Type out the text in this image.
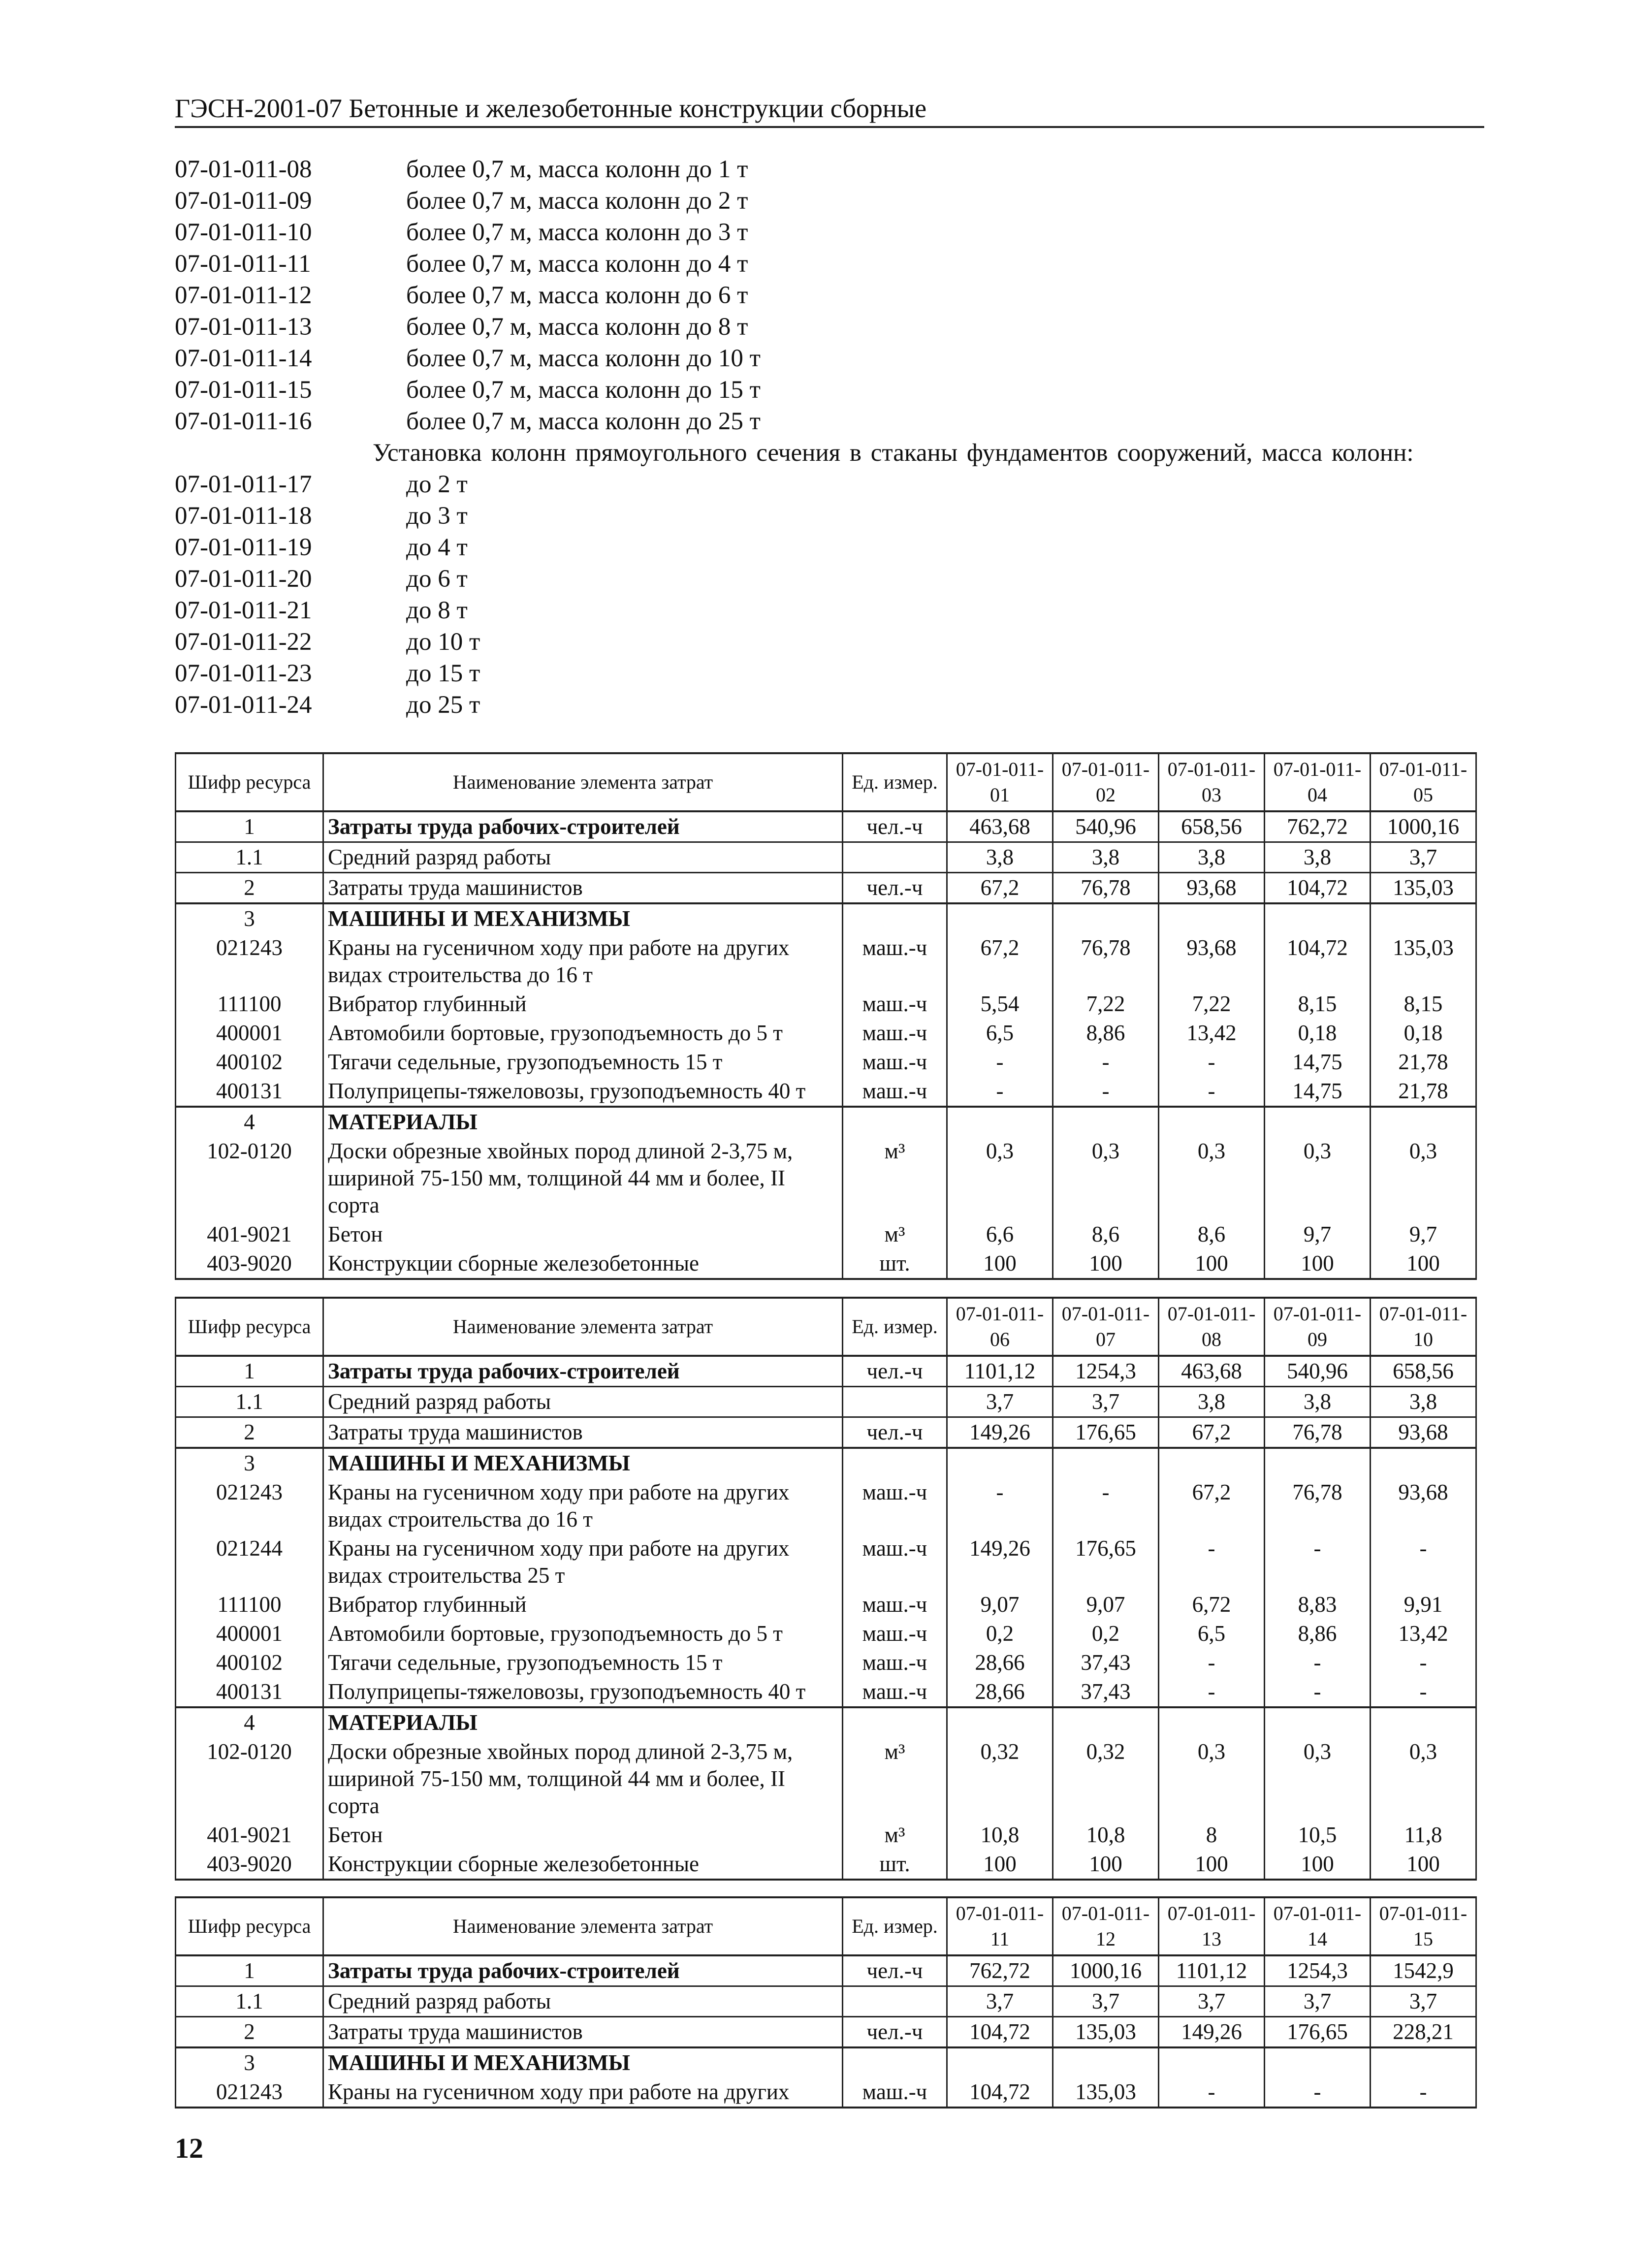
ГЭСН-2001-07 Бетонные и железобетонные конструкции сборные
07-01-011-08	более 0,7 м, масса колонн до 1 т
07-01-011-09	более 0,7 м, масса колонн до 2 т
07-01-011-10	более 0,7 м, масса колонн до 3 т
07-01-011-11	более 0,7 м, масса колонн до 4 т
07-01-011-12	более 0,7 м, масса колонн до 6 т
07-01-011-13	более 0,7 м, масса колонн до 8 т
07-01-011-14	более 0,7 м, масса колонн до 10 т
07-01-011-15	более 0,7 м, масса колонн до 15 т
07-01-011-16	более 0,7 м, масса колонн до 25 т
Установка колонн прямоугольного сечения в стаканы фундаментов сооружений, масса колонн:
07-01-011-17	до 2 т
07-01-011-18	до 3 т
07-01-011-19	до 4 т
07-01-011-20	до 6 т
07-01-011-21	до 8 т
07-01-011-22	до 10 т
07-01-011-23	до 15 т
07-01-011-24	до 25 т
Шифр ресурса	Наименование элемента затрат	Ед. измер.	07-01-011-01	07-01-011-02	07-01-011-03	07-01-011-04	07-01-011-05
1	Затраты труда рабочих-строителей	чел.-ч	463,68	540,96	658,56	762,72	1000,16
1.1	Средний разряд работы		3,8	3,8	3,8	3,8	3,7
2	Затраты труда машинистов	чел.-ч	67,2	76,78	93,68	104,72	135,03
3	МАШИНЫ И МЕХАНИЗМЫ						
021243	Краны на гусеничном ходу при работе на других видах строительства до 16 т	маш.-ч	67,2	76,78	93,68	104,72	135,03
111100	Вибратор глубинный	маш.-ч	5,54	7,22	7,22	8,15	8,15
400001	Автомобили бортовые, грузоподъемность до 5 т	маш.-ч	6,5	8,86	13,42	0,18	0,18
400102	Тягачи седельные, грузоподъемность 15 т	маш.-ч	-	-	-	14,75	21,78
400131	Полуприцепы-тяжеловозы, грузоподъемность 40 т	маш.-ч	-	-	-	14,75	21,78
4	МАТЕРИАЛЫ						
102-0120	Доски обрезные хвойных пород длиной 2-3,75 м, шириной 75-150 мм, толщиной 44 мм и более, II сорта	м³	0,3	0,3	0,3	0,3	0,3
401-9021	Бетон	м³	6,6	8,6	8,6	9,7	9,7
403-9020	Конструкции сборные железобетонные	шт.	100	100	100	100	100
Шифр ресурса	Наименование элемента затрат	Ед. измер.	07-01-011-06	07-01-011-07	07-01-011-08	07-01-011-09	07-01-011-10
1	Затраты труда рабочих-строителей	чел.-ч	1101,12	1254,3	463,68	540,96	658,56
1.1	Средний разряд работы		3,7	3,7	3,8	3,8	3,8
2	Затраты труда машинистов	чел.-ч	149,26	176,65	67,2	76,78	93,68
3	МАШИНЫ И МЕХАНИЗМЫ						
021243	Краны на гусеничном ходу при работе на других видах строительства до 16 т	маш.-ч	-	-	67,2	76,78	93,68
021244	Краны на гусеничном ходу при работе на других видах строительства 25 т	маш.-ч	149,26	176,65	-	-	-
111100	Вибратор глубинный	маш.-ч	9,07	9,07	6,72	8,83	9,91
400001	Автомобили бортовые, грузоподъемность до 5 т	маш.-ч	0,2	0,2	6,5	8,86	13,42
400102	Тягачи седельные, грузоподъемность 15 т	маш.-ч	28,66	37,43	-	-	-
400131	Полуприцепы-тяжеловозы, грузоподъемность 40 т	маш.-ч	28,66	37,43	-	-	-
4	МАТЕРИАЛЫ						
102-0120	Доски обрезные хвойных пород длиной 2-3,75 м, шириной 75-150 мм, толщиной 44 мм и более, II сорта	м³	0,32	0,32	0,3	0,3	0,3
401-9021	Бетон	м³	10,8	10,8	8	10,5	11,8
403-9020	Конструкции сборные железобетонные	шт.	100	100	100	100	100
Шифр ресурса	Наименование элемента затрат	Ед. измер.	07-01-011-11	07-01-011-12	07-01-011-13	07-01-011-14	07-01-011-15
1	Затраты труда рабочих-строителей	чел.-ч	762,72	1000,16	1101,12	1254,3	1542,9
1.1	Средний разряд работы		3,7	3,7	3,7	3,7	3,7
2	Затраты труда машинистов	чел.-ч	104,72	135,03	149,26	176,65	228,21
3	МАШИНЫ И МЕХАНИЗМЫ						
021243	Краны на гусеничном ходу при работе на других	маш.-ч	104,72	135,03	-	-	-
12
